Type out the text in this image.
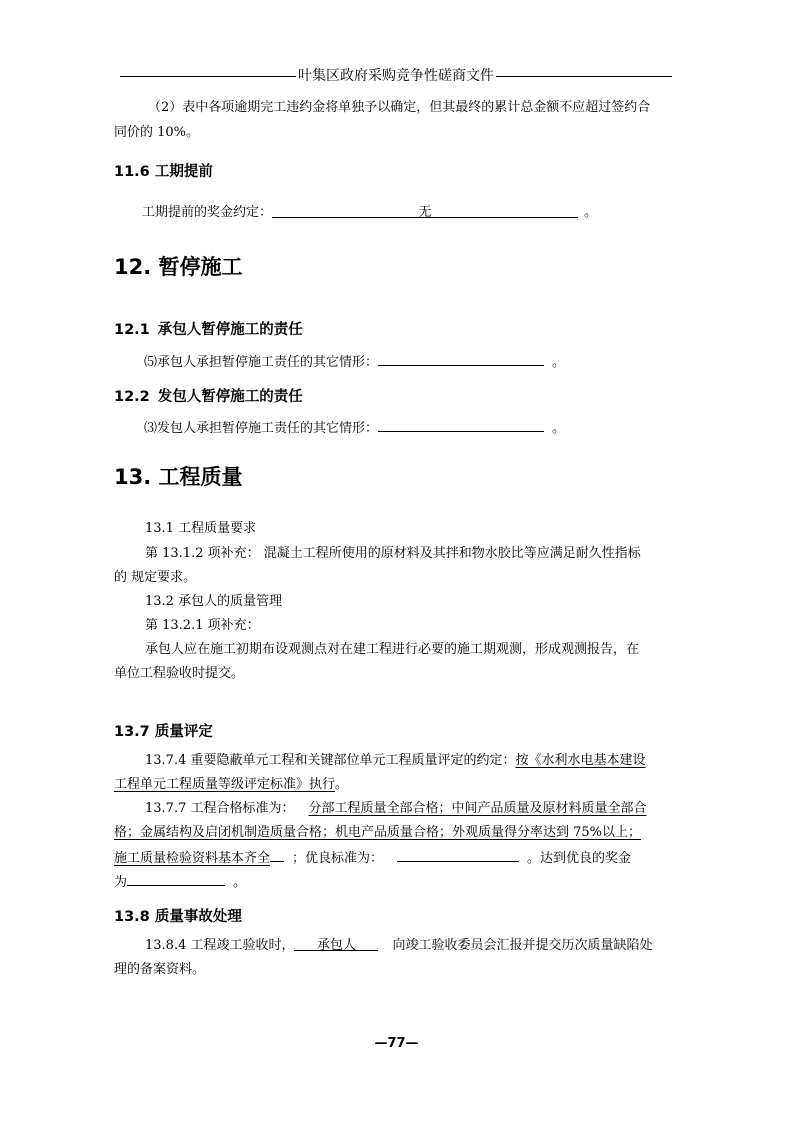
叶集区政府采购竞争性磋商文件
（2）表中各项逾期完工违约金将单独予以确定，但其最终的累计总金额不应超过签约合
同价的 10%。
11.6 工期提前
工期提前的奖金约定：	无	。
12. 暂停施工
12.1 承包人暂停施工的责任
⑸承包人承担暂停施工责任的其它情形：	。
12.2 发包人暂停施工的责任
⑶发包人承担暂停施工责任的其它情形：	。
13. 工程质量
13.1 工程质量要求
第 13.1.2 项补充： 混凝土工程所使用的原材料及其拌和物水胶比等应满足耐久性指标
的 规定要求。
13.2 承包人的质量管理
第 13.2.1 项补充：
承包人应在施工初期布设观测点对在建工程进行必要的施工期观测，形成观测报告，在
单位工程验收时提交。
13.7 质量评定
13.7.4 重要隐蔽单元工程和关键部位单元工程质量评定的约定：按《水利水电基本建设
工程单元工程质量等级评定标准》执行。
13.7.7 工程合格标准为： 分部工程质量全部合格；中间产品质量及原材料质量全部合
格；金属结构及启闭机制造质量合格；机电产品质量合格；外观质量得分率达到 75%以上；
施工质量检验资料基本齐全 ；优良标准为：	。达到优良的奖金
为	。
13.8 质量事故处理
13.8.4 工程竣工验收时， 承包人	向竣工验收委员会汇报并提交历次质量缺陷处
理的备案资料。
—77—
